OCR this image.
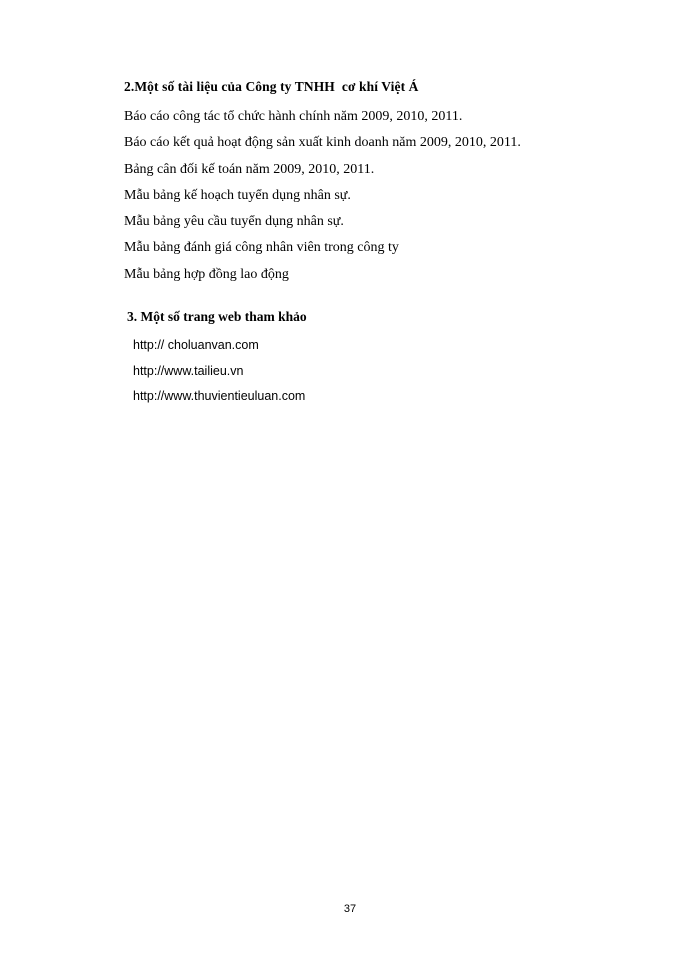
2.Một số tài liệu của Công ty TNHH  cơ khí Việt Á
Báo cáo công tác tổ chức hành chính năm 2009, 2010, 2011.
Báo cáo kết quả hoạt động sản xuất kinh doanh năm 2009, 2010, 2011.
Bảng cân đối kế toán năm 2009, 2010, 2011.
Mẫu bảng kế hoạch tuyển dụng nhân sự.
Mẫu bảng yêu cầu tuyển dụng nhân sự.
Mẫu bảng đánh giá công nhân viên trong công ty
Mẫu bảng hợp đồng lao động
3. Một số trang web tham khảo
http:// choluanvan.com
http://www.tailieu.vn
http://www.thuvientieuluan.com
37
